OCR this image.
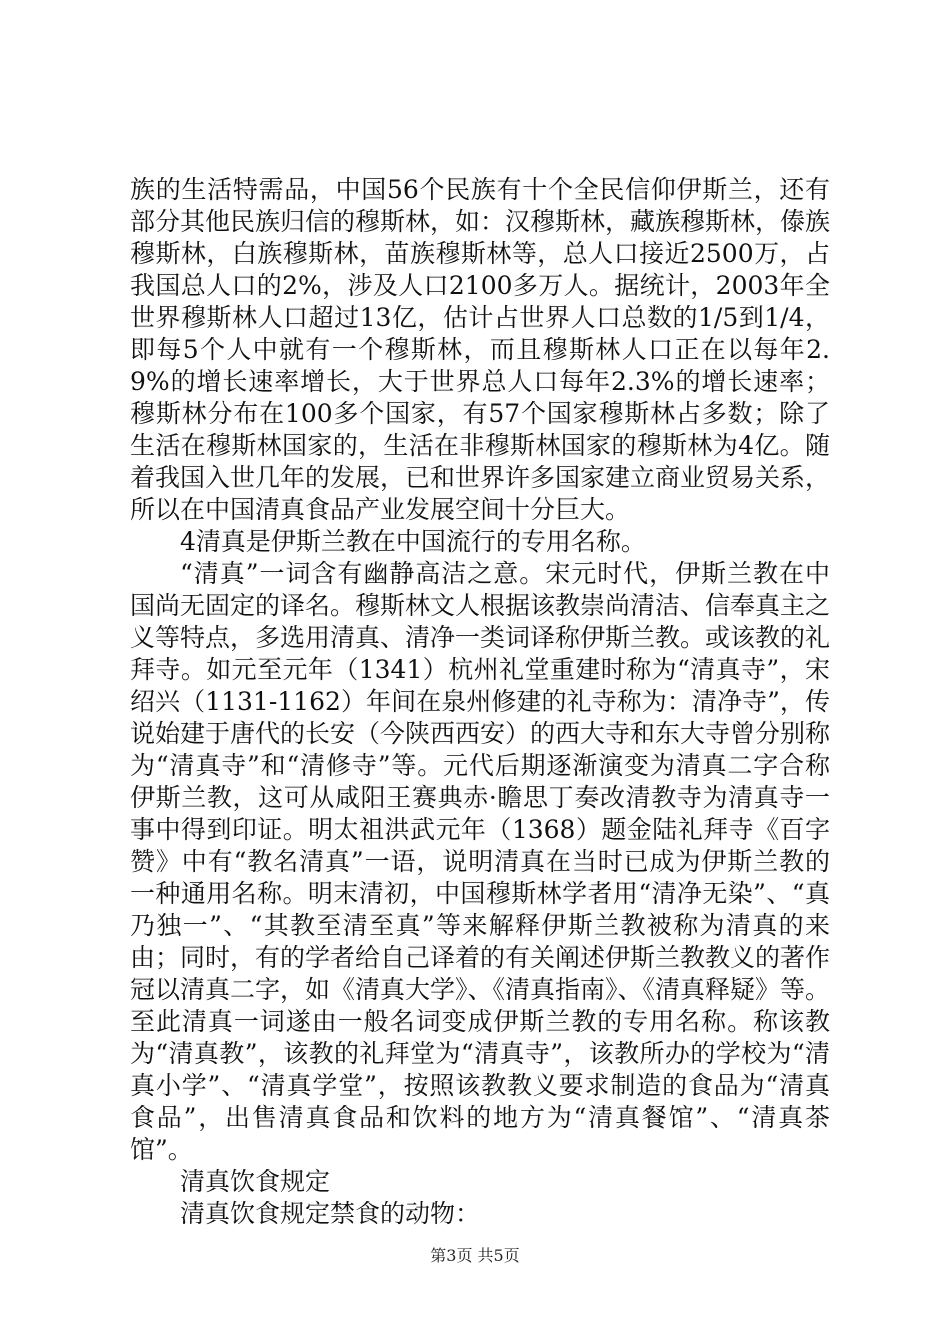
族的生活特需品，中国56个民族有十个全民信仰伊斯兰，还有部分其他民族归信的穆斯林，如：汉穆斯林，藏族穆斯林，傣族穆斯林，白族穆斯林，苗族穆斯林等，总人口接近2500万，占我国总人口的2%，涉及人口2100多万人。据统计，2003年全世界穆斯林人口超过13亿，估计占世界人口总数的1/5到1/4，即每5个人中就有一个穆斯林，而且穆斯林人口正在以每年2.9%的增长速率增长，大于世界总人口每年2.3%的增长速率；穆斯林分布在100多个国家，有57个国家穆斯林占多数；除了生活在穆斯林国家的，生活在非穆斯林国家的穆斯林为4亿。随着我国入世几年的发展，已和世界许多国家建立商业贸易关系，所以在中国清真食品产业发展空间十分巨大。

4清真是伊斯兰教在中国流行的专用名称。

“清真”一词含有幽静高洁之意。宋元时代，伊斯兰教在中国尚无固定的译名。穆斯林文人根据该教崇尚清洁、信奉真主之义等特点，多选用清真、清净一类词译称伊斯兰教。或该教的礼拜寺。如元至元年（1341）杭州礼堂重建时称为“清真寺”，宋绍兴（1131-1162）年间在泉州修建的礼寺称为：清净寺”，传说始建于唐代的长安（今陕西西安）的西大寺和东大寺曾分别称为“清真寺”和“清修寺”等。元代后期逐渐演变为清真二字合称伊斯兰教，这可从咸阳王赛典赤·瞻思丁奏改清教寺为清真寺一事中得到印证。明太祖洪武元年（1368）题金陆礼拜寺《百字赞》中有“教名清真”一语，说明清真在当时已成为伊斯兰教的一种通用名称。明末清初，中国穆斯林学者用“清净无染”、“真乃独一”、“其教至清至真”等来解释伊斯兰教被称为清真的来由；同时，有的学者给自己译着的有关阐述伊斯兰教教义的著作冠以清真二字，如《清真大学》、《清真指南》、《清真释疑》等。至此清真一词遂由一般名词变成伊斯兰教的专用名称。称该教为“清真教”，该教的礼拜堂为“清真寺”，该教所办的学校为“清真小学”、“清真学堂”，按照该教教义要求制造的食品为“清真食品”，出售清真食品和饮料的地方为“清真餐馆”、“清真茶馆”。

清真饮食规定

清真饮食规定禁食的动物：

第3页 共5页
